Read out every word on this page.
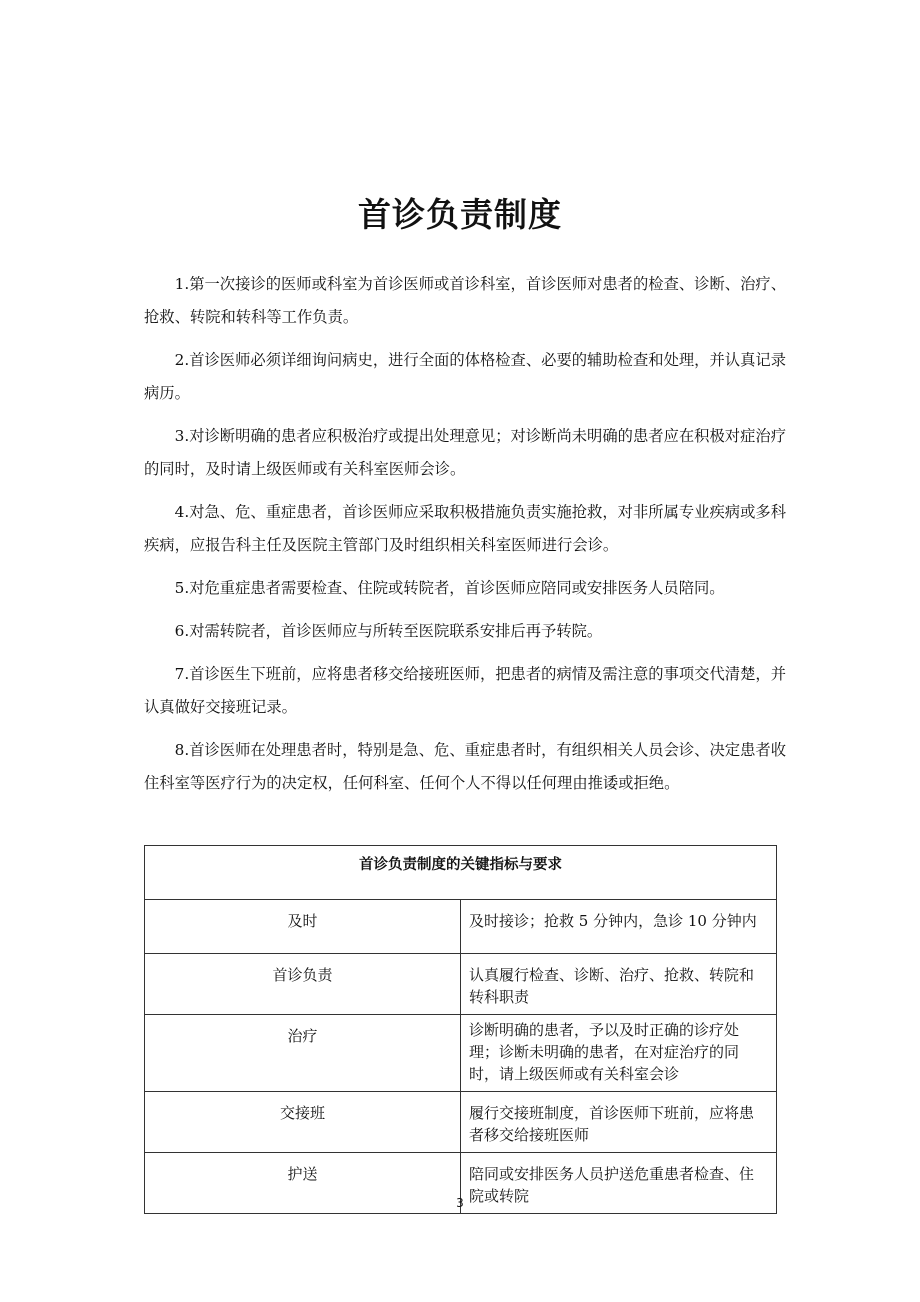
首诊负责制度

1.第一次接诊的医师或科室为首诊医师或首诊科室，首诊医师对患者的检查、诊断、治疗、抢救、转院和转科等工作负责。

2.首诊医师必须详细询问病史，进行全面的体格检查、必要的辅助检查和处理，并认真记录病历。

3.对诊断明确的患者应积极治疗或提出处理意见；对诊断尚未明确的患者应在积极对症治疗的同时，及时请上级医师或有关科室医师会诊。

4.对急、危、重症患者，首诊医师应采取积极措施负责实施抢救，对非所属专业疾病或多科疾病，应报告科主任及医院主管部门及时组织相关科室医师进行会诊。

5.对危重症患者需要检查、住院或转院者，首诊医师应陪同或安排医务人员陪同。

6.对需转院者，首诊医师应与所转至医院联系安排后再予转院。

7.首诊医生下班前，应将患者移交给接班医师，把患者的病情及需注意的事项交代清楚，并认真做好交接班记录。

8.首诊医师在处理患者时，特别是急、危、重症患者时，有组织相关人员会诊、决定患者收住科室等医疗行为的决定权，任何科室、任何个人不得以任何理由推诿或拒绝。

首诊负责制度的关键指标与要求	
及时	及时接诊；抢救 5 分钟内，急诊 10 分钟内
首诊负责	认真履行检查、诊断、治疗、抢救、转院和转科职责
治疗	诊断明确的患者，予以及时正确的诊疗处理；诊断未明确的患者，在对症治疗的同时，请上级医师或有关科室会诊
交接班	履行交接班制度，首诊医师下班前，应将患者移交给接班医师
护送	陪同或安排医务人员护送危重患者检查、住院或转院
3
